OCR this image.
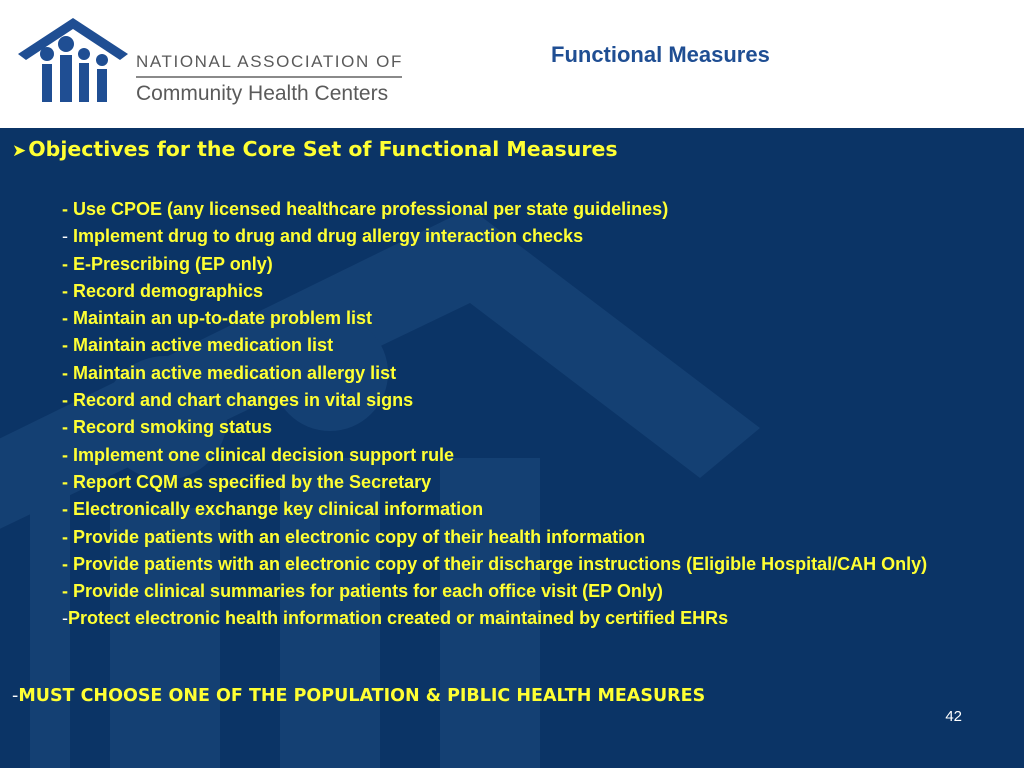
NATIONAL ASSOCIATION OF
Community Health Centers
Functional Measures
➤Objectives for the Core Set of Functional Measures
- Use CPOE (any licensed healthcare professional per state guidelines)
- Implement drug to drug and drug allergy interaction checks
- E-Prescribing (EP only)
- Record demographics
- Maintain an up-to-date problem list
- Maintain active medication list
- Maintain active medication allergy list
- Record and chart changes in vital signs
- Record smoking status
- Implement one clinical decision support rule
- Report CQM as specified by the Secretary
- Electronically exchange key clinical information
- Provide patients with an electronic copy of their health information
- Provide patients with an electronic copy of their discharge instructions (Eligible Hospital/CAH Only)
- Provide clinical summaries for patients for each office visit (EP Only)
-Protect electronic health information created or maintained by certified EHRs
-MUST CHOOSE ONE OF THE POPULATION & PIBLIC HEALTH MEASURES
42
